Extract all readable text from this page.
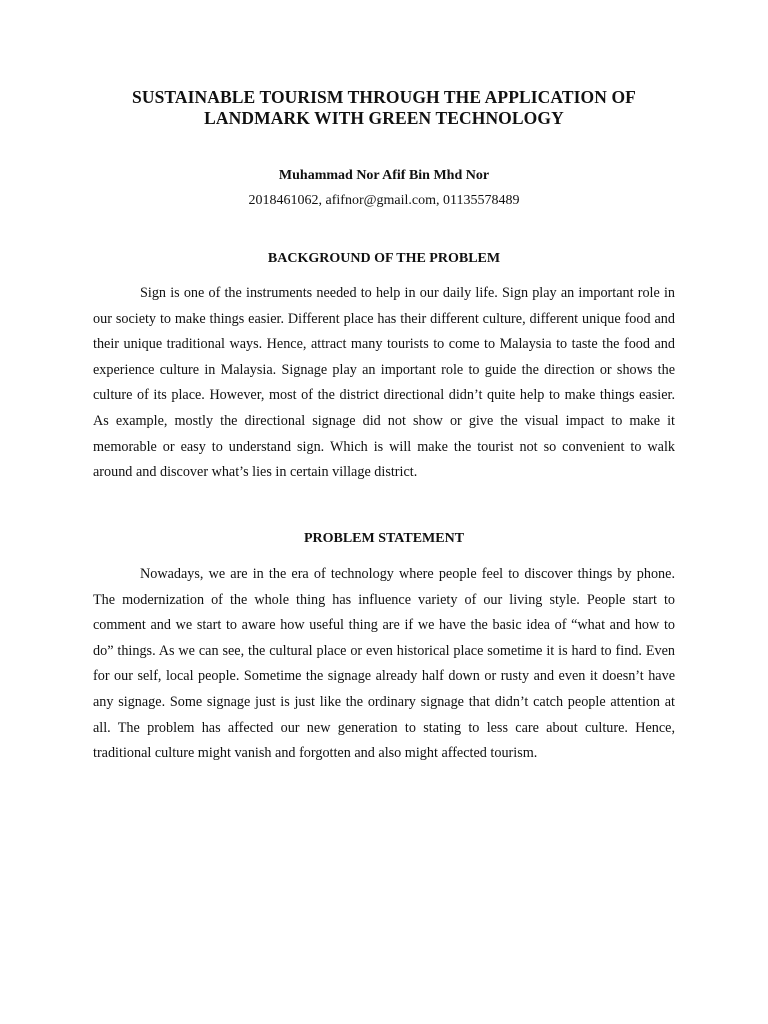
SUSTAINABLE TOURISM THROUGH THE APPLICATION OF
LANDMARK WITH GREEN TECHNOLOGY
Muhammad Nor Afif Bin Mhd Nor
2018461062, afifnor@gmail.com, 01135578489
BACKGROUND OF THE PROBLEM

Sign is one of the instruments needed to help in our daily life. Sign play an important role in our society to make things easier. Different place has their different culture, different unique food and their unique traditional ways. Hence, attract many tourists to come to Malaysia to taste the food and experience culture in Malaysia. Signage play an important role to guide the direction or shows the culture of its place. However, most of the district directional didn’t quite help to make things easier. As example, mostly the directional signage did not show or give the visual impact to make it memorable or easy to understand sign. Which is will make the tourist not so convenient to walk around and discover what’s lies in certain village district.

PROBLEM STATEMENT

Nowadays, we are in the era of technology where people feel to discover things by phone. The modernization of the whole thing has influence variety of our living style. People start to comment and we start to aware how useful thing are if we have the basic idea of “what and how to do” things. As we can see, the cultural place or even historical place sometime it is hard to find. Even for our self, local people. Sometime the signage already half down or rusty and even it doesn’t have any signage. Some signage just is just like the ordinary signage that didn’t catch people attention at all. The problem has affected our new generation to stating to less care about culture. Hence, traditional culture might vanish and forgotten and also might affected tourism.
